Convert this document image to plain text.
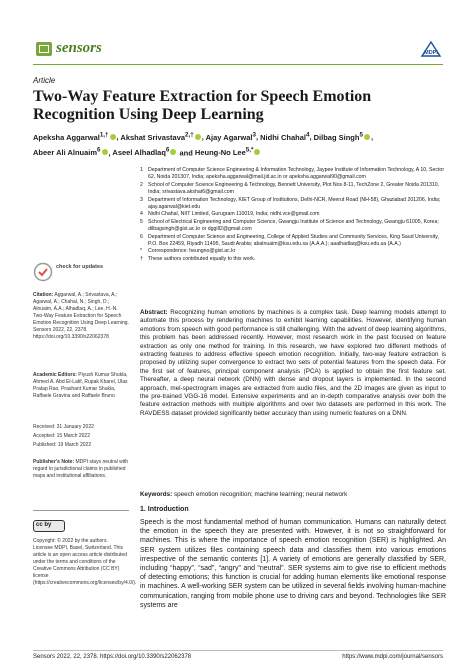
sensors	MDPI
Article
Two-Way Feature Extraction for Speech Emotion Recognition Using Deep Learning
Apeksha Aggarwal$^{1,\dagger}$ , Akshat Srivastava$^{2,\dagger}$ , Ajay Agarwal$^3$, Nidhi Chahal$^4$, Dilbag Singh$^5$ ,
Abeer Ali Alnuaim$^6$ , Aseel Alhadlaq$^6$ and Heung-No Lee$^{5,*}$
1 Department of Computer Science Engineering & Information Technology, Jaypee Institute of Information Technology, A 10, Sector 62, Noida 201307, India; apeksha.aggarwal@mail.jiit.ac.in or apeksha.aggarwal90@gmail.com
2 School of Computer Science Engineering & Technology, Bennett University, Plot Nos 8-11, TechZone 2, Greater Noida 201310, India; srivastava.akshat6@gmail.com
3 Department of Information Technology, KIET Group of Institutions, Delhi-NCR, Meerut Road (NH-58), Ghaziabad 201206, India; ajay.agarwal@kiet.edu
4 Nidhi Chahal, NIIT Limited, Gurugram 110019, India; nidhi.vce@gmail.com
5 School of Electrical Engineering and Computer Science, Gwangju Institute of Science and Technology, Gwangju 61005, Korea; dilbagsingh@gist.ac.kr or dggill2@gmail.com
6 Department of Computer Science and Engineering, College of Applied Studies and Community Services, King Saud University, P.O. Box 22459, Riyadh 11495, Saudi Arabia; abalnuaim@ksu.edu.sa (A.A.A.); aaalhadlaq@ksu.edu.sa (A.A.)
*	Correspondence: heungno@gist.ac.kr
† These authors contributed equally to this work.
check for updates
Citation: Aggarwal, A.; Srivastava, A.; Agarwal, A.; Chahal, N.; Singh, D.; Alnuaim, A.A.; Alhadlaq, A.; Lee, H.-N. Two-Way Feature Extraction for Speech Emotion Recognition Using Deep Learning. Sensors 2022, 22, 2378. https://doi.org/10.3390/s22062378
Academic Editors: Piyush Kumar Shukla, Ahmed A. Abd El-Latif, Rupak Kharel, Ulas Pratap Rao, Prashant Kumar Shukla, Raffaele Gravina and Raffaele Bruno
Received: 31 January 2022
Accepted: 15 March 2022
Published: 19 March 2022
Publisher’s Note: MDPI stays neutral with regard to jurisdictional claims in published maps and institutional affiliations.
cc by
Copyright: © 2022 by the authors. Licensee MDPI, Basel, Switzerland. This article is an open access article distributed under the terms and conditions of the Creative Commons Attribution (CC BY) license (https://creativecommons.org/licenses/by/4.0/).
Abstract: Recognizing human emotions by machines is a complex task. Deep learning models attempt to automate this process by rendering machines to exhibit learning capabilities. However, identifying human emotions from speech with good performance is still challenging. With the advent of deep learning algorithms, this problem has been addressed recently. However, most research work in the past focused on feature extraction as only one method for training. In this research, we have explored two different methods of extracting features to address effective speech emotion recognition. Initially, two-way feature extraction is proposed by utilizing super convergence to extract two sets of potential features from the speech data. For the first set of features, principal component analysis (PCA) is applied to obtain the first feature set. Thereafter, a deep neural network (DNN) with dense and dropout layers is implemented. In the second approach, mel-spectrogram images are extracted from audio files, and the 2D images are given as input to the pre-trained VGG-16 model. Extensive experiments and an in-depth comparative analysis over both the feature extraction methods with multiple algorithms and over two datasets are performed in this work. The RAVDESS dataset provided significantly better accuracy than using numeric features on a DNN.
Keywords: speech emotion recognition; machine learning; neural network
1. Introduction
Speech is the most fundamental method of human communication. Humans can naturally detect the emotion in the speech they are presented with. However, it is not so straightforward for machines. This is where the importance of speech emotion recognition (SER) is highlighted. An SER system utilizes files containing speech data and classifies them into various emotions irrespective of the semantic contents [1]. A variety of emotions are generally classified by SER, including “happy”, “sad”, “angry” and “neutral”. SER systems aim to give rise to efficient methods of detecting emotions; this function is crucial for adding human elements like emotional response in machines. A well-working SER system can be utilized in several fields involving human-machine communication, ranging from mobile phone use to driving cars and beyond. Technologies like SER systems are
Sensors 2022, 22, 2378. https://doi.org/10.3390/s22062378	https://www.mdpi.com/journal/sensors
